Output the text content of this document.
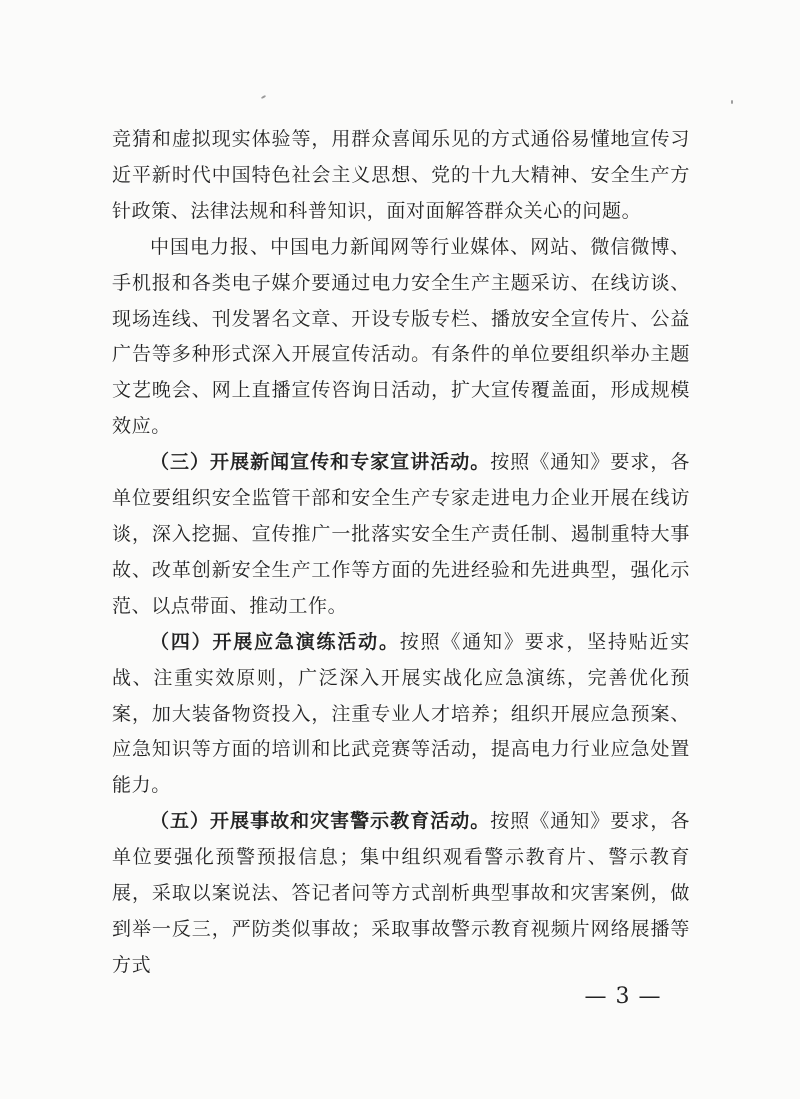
竞猜和虚拟现实体验等，用群众喜闻乐见的方式通俗易懂地宣传习近平新时代中国特色社会主义思想、党的十九大精神、安全生产方针政策、法律法规和科普知识，面对面解答群众关心的问题。

中国电力报、中国电力新闻网等行业媒体、网站、微信微博、手机报和各类电子媒介要通过电力安全生产主题采访、在线访谈、现场连线、刊发署名文章、开设专版专栏、播放安全宣传片、公益广告等多种形式深入开展宣传活动。有条件的单位要组织举办主题文艺晚会、网上直播宣传咨询日活动，扩大宣传覆盖面，形成规模效应。

（三）开展新闻宣传和专家宣讲活动。按照《通知》要求，各单位要组织安全监管干部和安全生产专家走进电力企业开展在线访谈，深入挖掘、宣传推广一批落实安全生产责任制、遏制重特大事故、改革创新安全生产工作等方面的先进经验和先进典型，强化示范、以点带面、推动工作。

（四）开展应急演练活动。按照《通知》要求，坚持贴近实战、注重实效原则，广泛深入开展实战化应急演练，完善优化预案，加大装备物资投入，注重专业人才培养；组织开展应急预案、应急知识等方面的培训和比武竞赛等活动，提高电力行业应急处置能力。

（五）开展事故和灾害警示教育活动。按照《通知》要求，各单位要强化预警预报信息；集中组织观看警示教育片、警示教育展，采取以案说法、答记者问等方式剖析典型事故和灾害案例，做到举一反三，严防类似事故；采取事故警示教育视频片网络展播等方式

— 3 —
